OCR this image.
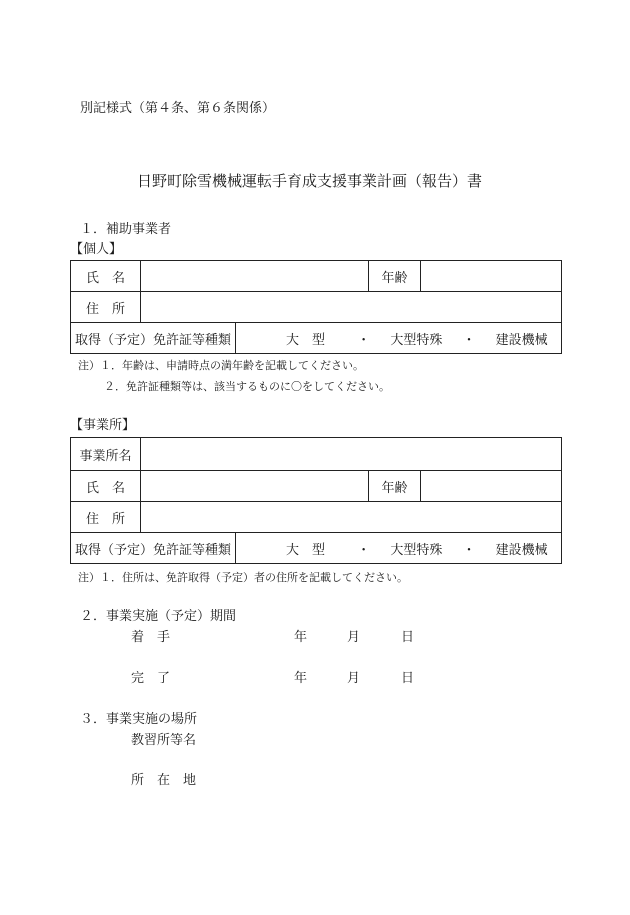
別記様式（第４条、第６条関係）
日野町除雪機械運転手育成支援事業計画（報告）書
１．補助事業者
【個人】
氏　名			年齢	
住　所				
取得（予定）免許証等種類		大　型 ・ 大型特殊 ・ 建設機械		
注）１．年齢は、申請時点の満年齢を記載してください。
２．免許証種類等は、該当するものに〇をしてください。
【事業所】
事業所名				
氏　名			年齢	
住　所				
取得（予定）免許証等種類		大　型 ・ 大型特殊 ・ 建設機械		
注）１．住所は、免許取得（予定）者の住所を記載してください。
２．事業実施（予定）期間
着　手	年	月	日
完　了	年	月	日
３．事業実施の場所
教習所等名
所　在　地
